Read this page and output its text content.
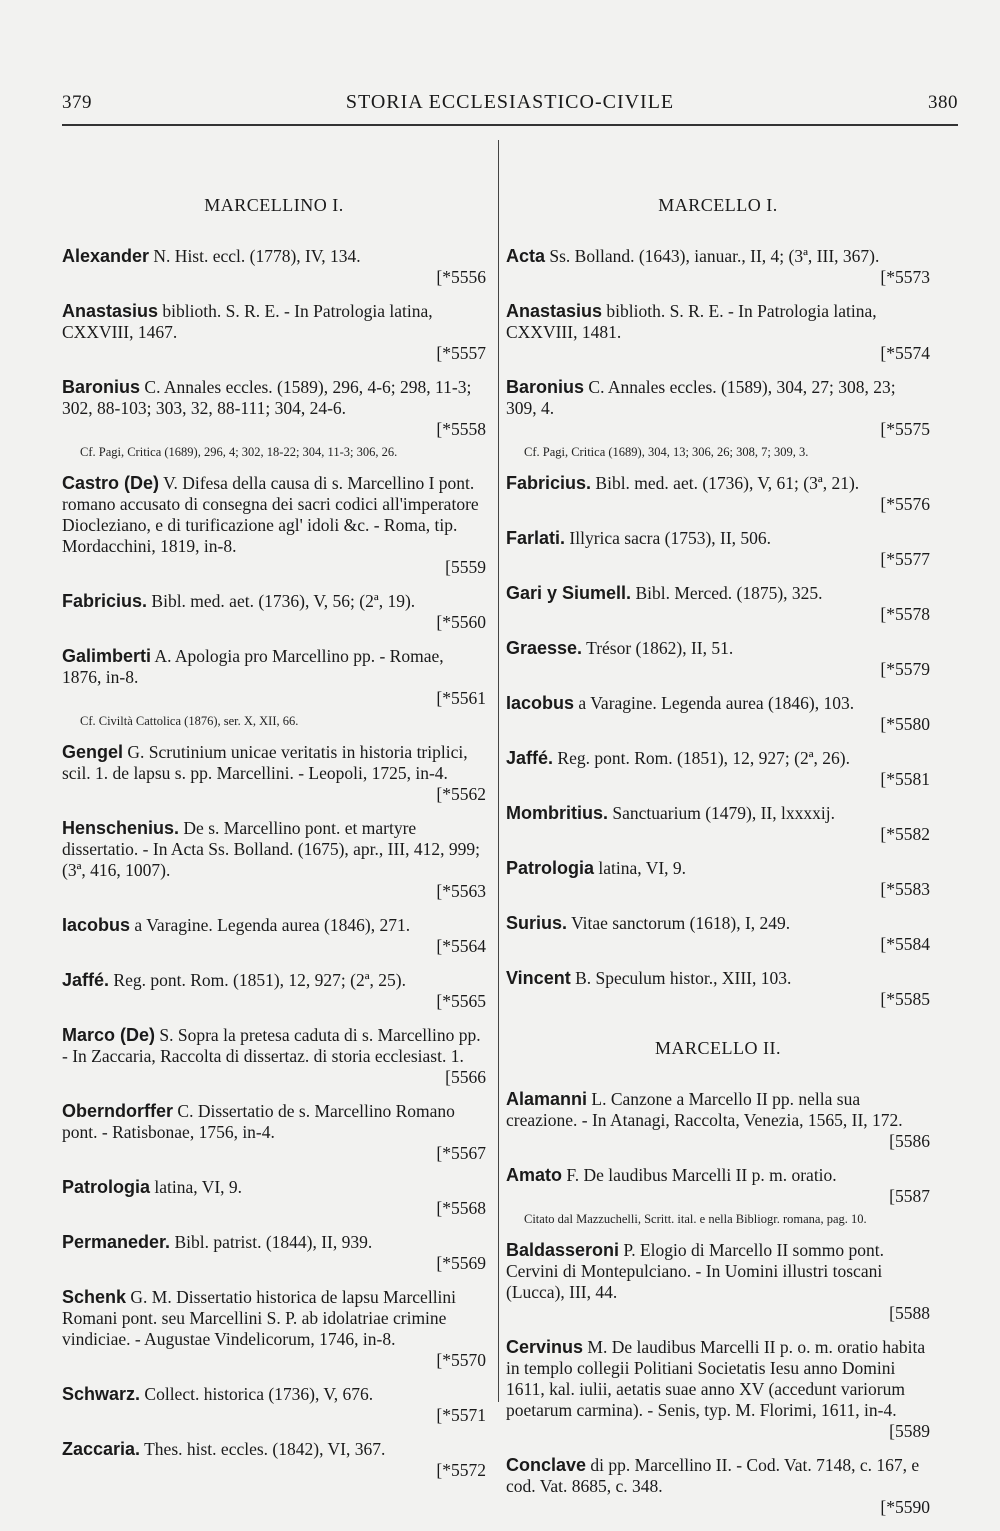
379	STORIA ECCLESIASTICO-CIVILE	380
MARCELLINO I.
Alexander N. Hist. eccl. (1778), IV, 134.
[*5556
Anastasius biblioth. S. R. E. - In Patrologia latina, CXXVIII, 1467.
[*5557
Baronius C. Annales eccles. (1589), 296, 4-6; 298, 11-3; 302, 88-103; 303, 32, 88-111; 304, 24-6.
[*5558
Cf. Pagi, Critica (1689), 296, 4; 302, 18-22; 304, 11-3; 306, 26.
Castro (De) V. Difesa della causa di s. Marcellino I pont. romano accusato di consegna dei sacri codici all'imperatore Diocleziano, e di turificazione agl' idoli &c. - Roma, tip. Mordacchini, 1819, in-8.
[5559
Fabricius. Bibl. med. aet. (1736), V, 56; (2ª, 19).
[*5560
Galimberti A. Apologia pro Marcellino pp. - Romae, 1876, in-8.
[*5561
Cf. Civiltà Cattolica (1876), ser. X, XII, 66.
Gengel G. Scrutinium unicae veritatis in historia triplici, scil. 1. de lapsu s. pp. Marcellini. - Leopoli, 1725, in-4.
[*5562
Henschenius. De s. Marcellino pont. et martyre dissertatio. - In Acta Ss. Bolland. (1675), apr., III, 412, 999; (3ª, 416, 1007).
[*5563
Iacobus a Varagine. Legenda aurea (1846), 271.
[*5564
Jaffé. Reg. pont. Rom. (1851), 12, 927; (2ª, 25).
[*5565
Marco (De) S. Sopra la pretesa caduta di s. Marcellino pp. - In Zaccaria, Raccolta di dissertaz. di storia ecclesiast. 1.
[5566
Oberndorffer C. Dissertatio de s. Marcellino Romano pont. - Ratisbonae, 1756, in-4.
[*5567
Patrologia latina, VI, 9.
[*5568
Permaneder. Bibl. patrist. (1844), II, 939.
[*5569
Schenk G. M. Dissertatio historica de lapsu Marcellini Romani pont. seu Marcellini S. P. ab idolatriae crimine vindiciae. - Augustae Vindelicorum, 1746, in-8.
[*5570
Schwarz. Collect. historica (1736), V, 676.
[*5571
Zaccaria. Thes. hist. eccles. (1842), VI, 367.
[*5572
MARCELLO I.
Acta Ss. Bolland. (1643), ianuar., II, 4; (3ª, III, 367).
[*5573
Anastasius biblioth. S. R. E. - In Patrologia latina, CXXVIII, 1481.
[*5574
Baronius C. Annales eccles. (1589), 304, 27; 308, 23; 309, 4.
[*5575
Cf. Pagi, Critica (1689), 304, 13; 306, 26; 308, 7; 309, 3.
Fabricius. Bibl. med. aet. (1736), V, 61; (3ª, 21).
[*5576
Farlati. Illyrica sacra (1753), II, 506.
[*5577
Gari y Siumell. Bibl. Merced. (1875), 325.
[*5578
Graesse. Trésor (1862), II, 51.
[*5579
Iacobus a Varagine. Legenda aurea (1846), 103.
[*5580
Jaffé. Reg. pont. Rom. (1851), 12, 927; (2ª, 26).
[*5581
Mombritius. Sanctuarium (1479), II, lxxxxij.
[*5582
Patrologia latina, VI, 9.
[*5583
Surius. Vitae sanctorum (1618), I, 249.
[*5584
Vincent B. Speculum histor., XIII, 103.
[*5585
MARCELLO II.
Alamanni L. Canzone a Marcello II pp. nella sua creazione. - In Atanagi, Raccolta, Venezia, 1565, II, 172.
[5586
Amato F. De laudibus Marcelli II p. m. oratio.
[5587
Citato dal Mazzuchelli, Scritt. ital. e nella Bibliogr. romana, pag. 10.
Baldasseroni P. Elogio di Marcello II sommo pont. Cervini di Montepulciano. - In Uomini illustri toscani (Lucca), III, 44.
[5588
Cervinus M. De laudibus Marcelli II p. o. m. oratio habita in templo collegii Politiani Societatis Iesu anno Domini 1611, kal. iulii, aetatis suae anno XV (accedunt variorum poetarum carmina). - Senis, typ. M. Florimi, 1611, in-4.
[5589
Conclave di pp. Marcellino II. - Cod. Vat. 7148, c. 167, e cod. Vat. 8685, c. 348.
[*5590
